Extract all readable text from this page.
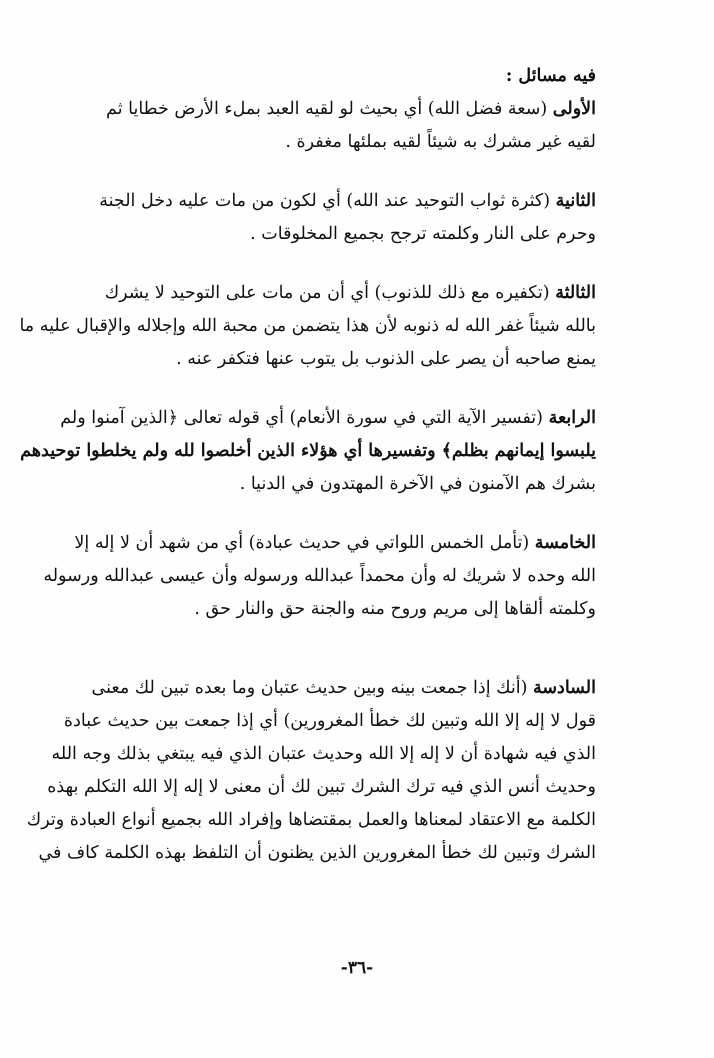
فيه مسائل :
الأولى (سعة فضل الله) أي بحيث لو لقيه العبد بملء الأرض خطايا ثم
لقيه غير مشرك به شيئاً لقيه بملئها مغفرة .
الثانية (كثرة ثواب التوحيد عند الله) أي لكون من مات عليه دخل الجنة
وحرم على النار وكلمته ترجح بجميع المخلوقات .
الثالثة (تكفيره مع ذلك للذنوب) أي أن من مات على التوحيد لا يشرك
بالله شيئاً غفر الله له ذنوبه لأن هذا يتضمن من محبة الله وإجلاله والإقبال عليه ما
يمنع صاحبه أن يصر على الذنوب بل يتوب عنها فتكفر عنه .
الرابعة (تفسير الآية التي في سورة الأنعام) أي قوله تعالى ﴿الذين آمنوا ولم
يلبسوا إيمانهم بظلم﴾ وتفسيرها أي هؤلاء الذين أخلصوا لله ولم يخلطوا توحيدهم
بشرك هم الآمنون في الآخرة المهتدون في الدنيا .
الخامسة (تأمل الخمس اللواتي في حديث عبادة) أي من شهد أن لا إله إلا
الله وحده لا شريك له وأن محمداً عبدالله ورسوله وأن عيسى عبدالله ورسوله
وكلمته ألقاها إلى مريم وروح منه والجنة حق والنار حق .
السادسة (أنك إذا جمعت بينه وبين حديث عتبان وما بعده تبين لك معنى
قول لا إله إلا الله وتبين لك خطأ المغرورين) أي إذا جمعت بين حديث عبادة
الذي فيه شهادة أن لا إله إلا الله وحديث عتبان الذي فيه يبتغي بذلك وجه الله
وحديث أنس الذي فيه ترك الشرك تبين لك أن معنى لا إله إلا الله التكلم بهذه
الكلمة مع الاعتقاد لمعناها والعمل بمقتضاها وإفراد الله بجميع أنواع العبادة وترك
الشرك وتبين لك خطأ المغرورين الذين يظنون أن التلفظ بهذه الكلمة كاف في
-٣٦-
